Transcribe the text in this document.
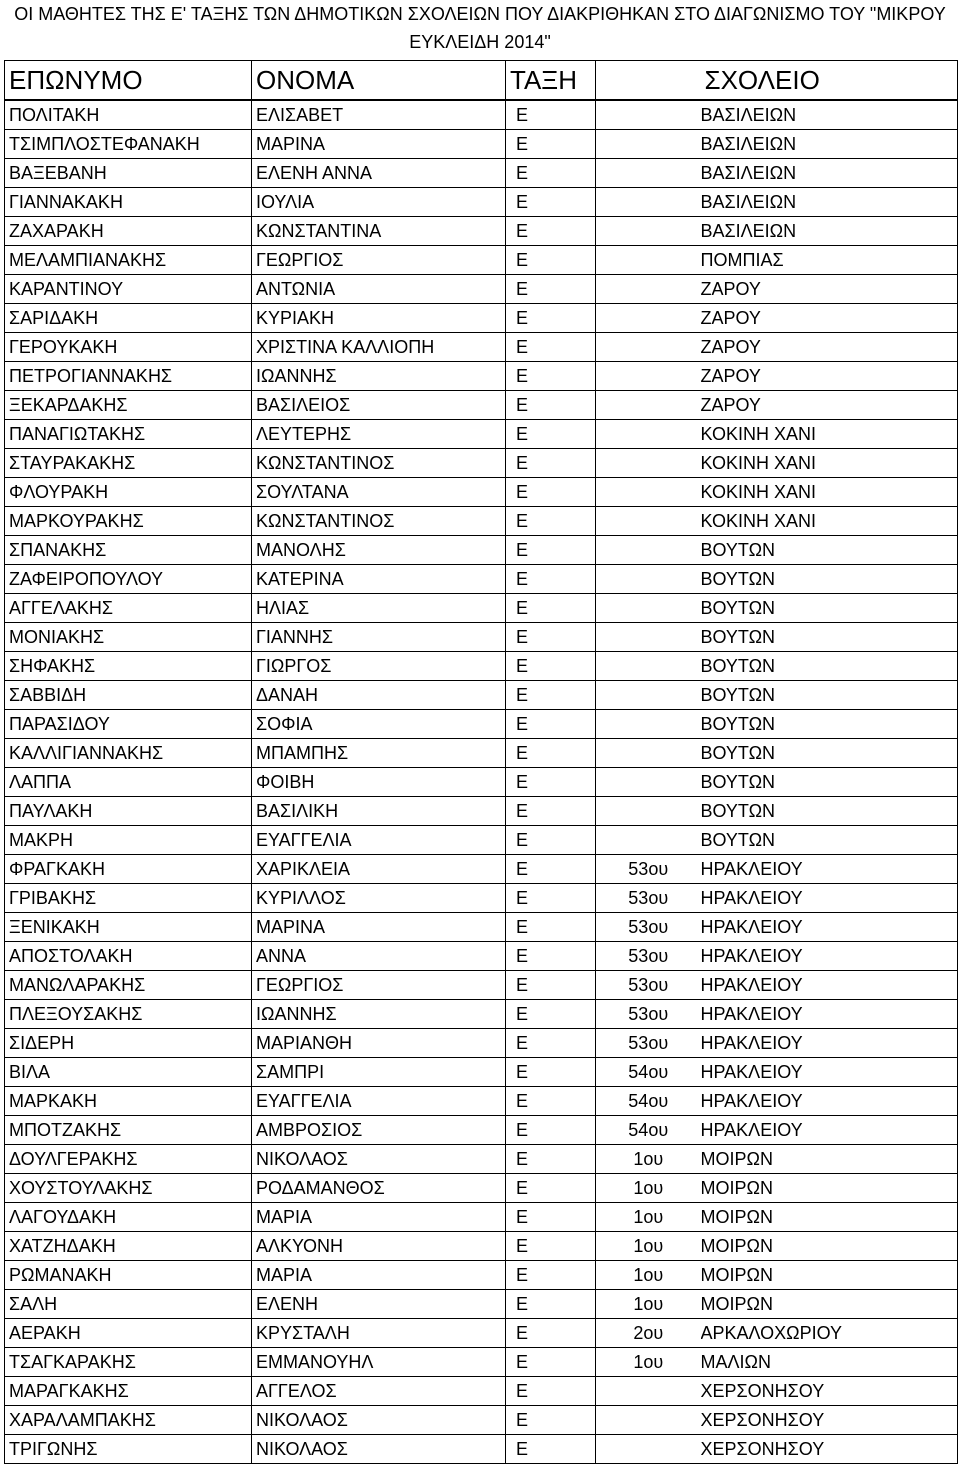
ΟΙ ΜΑΘΗΤΕΣ ΤΗΣ Ε' ΤΑΞΗΣ ΤΩΝ ΔΗΜΟΤΙΚΩΝ ΣΧΟΛΕΙΩΝ ΠΟΥ ΔΙΑΚΡΙΘΗΚΑΝ ΣΤΟ ΔΙΑΓΩΝΙΣΜΟ ΤΟΥ "ΜΙΚΡΟΥ ΕΥΚΛΕΙΔΗ 2014"
ΕΠΩΝΥΜΟ	ΟΝΟΜΑ	ΤΑΞΗ		ΣΧΟΛΕΙΟ
ΠΟΛΙΤΑΚΗ	ΕΛΙΣΑΒΕΤ	Ε		ΒΑΣΙΛΕΙΩΝ
ΤΣΙΜΠΛΟΣΤΕΦΑΝΑΚΗ	ΜΑΡΙΝΑ	Ε		ΒΑΣΙΛΕΙΩΝ
ΒΑΞΕΒΑΝΗ	ΕΛΕΝΗ ΑΝΝΑ	Ε		ΒΑΣΙΛΕΙΩΝ
ΓΙΑΝΝΑΚΑΚΗ	ΙΟΥΛΙΑ	Ε		ΒΑΣΙΛΕΙΩΝ
ΖΑΧΑΡΑΚΗ	ΚΩΝΣΤΑΝΤΙΝΑ	Ε		ΒΑΣΙΛΕΙΩΝ
ΜΕΛΑΜΠΙΑΝΑΚΗΣ	ΓΕΩΡΓΙΟΣ	Ε		ΠΟΜΠΙΑΣ
ΚΑΡΑΝΤΙΝΟΥ	ΑΝΤΩΝΙΑ	Ε		ΖΑΡΟΥ
ΣΑΡΙΔΑΚΗ	ΚΥΡΙΑΚΗ	Ε		ΖΑΡΟΥ
ΓΕΡΟΥΚΑΚΗ	ΧΡΙΣΤΙΝΑ ΚΑΛΛΙΟΠΗ	Ε		ΖΑΡΟΥ
ΠΕΤΡΟΓΙΑΝΝΑΚΗΣ	ΙΩΑΝΝΗΣ	Ε		ΖΑΡΟΥ
ΞΕΚΑΡΔΑΚΗΣ	ΒΑΣΙΛΕΙΟΣ	Ε		ΖΑΡΟΥ
ΠΑΝΑΓΙΩΤΑΚΗΣ	ΛΕΥΤΕΡΗΣ	Ε		ΚΟΚΙΝΗ ΧΑΝΙ
ΣΤΑΥΡΑΚΑΚΗΣ	ΚΩΝΣΤΑΝΤΙΝΟΣ	Ε		ΚΟΚΙΝΗ ΧΑΝΙ
ΦΛΟΥΡΑΚΗ	ΣΟΥΛΤΑΝΑ	Ε		ΚΟΚΙΝΗ ΧΑΝΙ
ΜΑΡΚΟΥΡΑΚΗΣ	ΚΩΝΣΤΑΝΤΙΝΟΣ	Ε		ΚΟΚΙΝΗ ΧΑΝΙ
ΣΠΑΝΑΚΗΣ	ΜΑΝΟΛΗΣ	Ε		ΒΟΥΤΩΝ
ΖΑΦΕΙΡΟΠΟΥΛΟΥ	ΚΑΤΕΡΙΝΑ	Ε		ΒΟΥΤΩΝ
ΑΓΓΕΛΑΚΗΣ	ΗΛΙΑΣ	Ε		ΒΟΥΤΩΝ
ΜΟΝΙΑΚΗΣ	ΓΙΑΝΝΗΣ	Ε		ΒΟΥΤΩΝ
ΣΗΦΑΚΗΣ	ΓΙΩΡΓΟΣ	Ε		ΒΟΥΤΩΝ
ΣΑΒΒΙΔΗ	ΔΑΝΑΗ	Ε		ΒΟΥΤΩΝ
ΠΑΡΑΣΙΔΟΥ	ΣΟΦΙΑ	Ε		ΒΟΥΤΩΝ
ΚΑΛΛΙΓΙΑΝΝΑΚΗΣ	ΜΠΑΜΠΗΣ	Ε		ΒΟΥΤΩΝ
ΛΑΠΠΑ	ΦΟΙΒΗ	Ε		ΒΟΥΤΩΝ
ΠΑΥΛΑΚΗ	ΒΑΣΙΛΙΚΗ	Ε		ΒΟΥΤΩΝ
ΜΑΚΡΗ	ΕΥΑΓΓΕΛΙΑ	Ε		ΒΟΥΤΩΝ
ΦΡΑΓΚΑΚΗ	ΧΑΡΙΚΛΕΙΑ	Ε	53ου	ΗΡΑΚΛΕΙΟΥ
ΓΡΙΒΑΚΗΣ	ΚΥΡΙΛΛΟΣ	Ε	53ου	ΗΡΑΚΛΕΙΟΥ
ΞΕΝΙΚΑΚΗ	ΜΑΡΙΝΑ	Ε	53ου	ΗΡΑΚΛΕΙΟΥ
ΑΠΟΣΤΟΛΑΚΗ	ΑΝΝΑ	Ε	53ου	ΗΡΑΚΛΕΙΟΥ
ΜΑΝΩΛΑΡΑΚΗΣ	ΓΕΩΡΓΙΟΣ	Ε	53ου	ΗΡΑΚΛΕΙΟΥ
ΠΛΕΞΟΥΣΑΚΗΣ	ΙΩΑΝΝΗΣ	Ε	53ου	ΗΡΑΚΛΕΙΟΥ
ΣΙΔΕΡΗ	ΜΑΡΙΑΝΘΗ	Ε	53ου	ΗΡΑΚΛΕΙΟΥ
ΒΙΛΑ	ΣΑΜΠΡΙ	Ε	54ου	ΗΡΑΚΛΕΙΟΥ
ΜΑΡΚΑΚΗ	ΕΥΑΓΓΕΛΙΑ	Ε	54ου	ΗΡΑΚΛΕΙΟΥ
ΜΠΟΤΖΑΚΗΣ	ΑΜΒΡΟΣΙΟΣ	Ε	54ου	ΗΡΑΚΛΕΙΟΥ
ΔΟΥΛΓΕΡΑΚΗΣ	ΝΙΚΟΛΑΟΣ	Ε	1ου	ΜΟΙΡΩΝ
ΧΟΥΣΤΟΥΛΑΚΗΣ	ΡΟΔΑΜΑΝΘΟΣ	Ε	1ου	ΜΟΙΡΩΝ
ΛΑΓΟΥΔΑΚΗ	ΜΑΡΙΑ	Ε	1ου	ΜΟΙΡΩΝ
ΧΑΤΖΗΔΑΚΗ	ΑΛΚΥΟΝΗ	Ε	1ου	ΜΟΙΡΩΝ
ΡΩΜΑΝΑΚΗ	ΜΑΡΙΑ	Ε	1ου	ΜΟΙΡΩΝ
ΣΑΛΗ	ΕΛΕΝΗ	Ε	1ου	ΜΟΙΡΩΝ
ΑΕΡΑΚΗ	ΚΡΥΣΤΑΛΗ	Ε	2ου	ΑΡΚΑΛΟΧΩΡΙΟΥ
ΤΣΑΓΚΑΡΑΚΗΣ	ΕΜΜΑΝΟΥΗΛ	Ε	1ου	ΜΑΛΙΩΝ
ΜΑΡΑΓΚΑΚΗΣ	ΑΓΓΕΛΟΣ	Ε		ΧΕΡΣΟΝΗΣΟΥ
ΧΑΡΑΛΑΜΠΑΚΗΣ	ΝΙΚΟΛΑΟΣ	Ε		ΧΕΡΣΟΝΗΣΟΥ
ΤΡΙΓΩΝΗΣ	ΝΙΚΟΛΑΟΣ	Ε		ΧΕΡΣΟΝΗΣΟΥ
